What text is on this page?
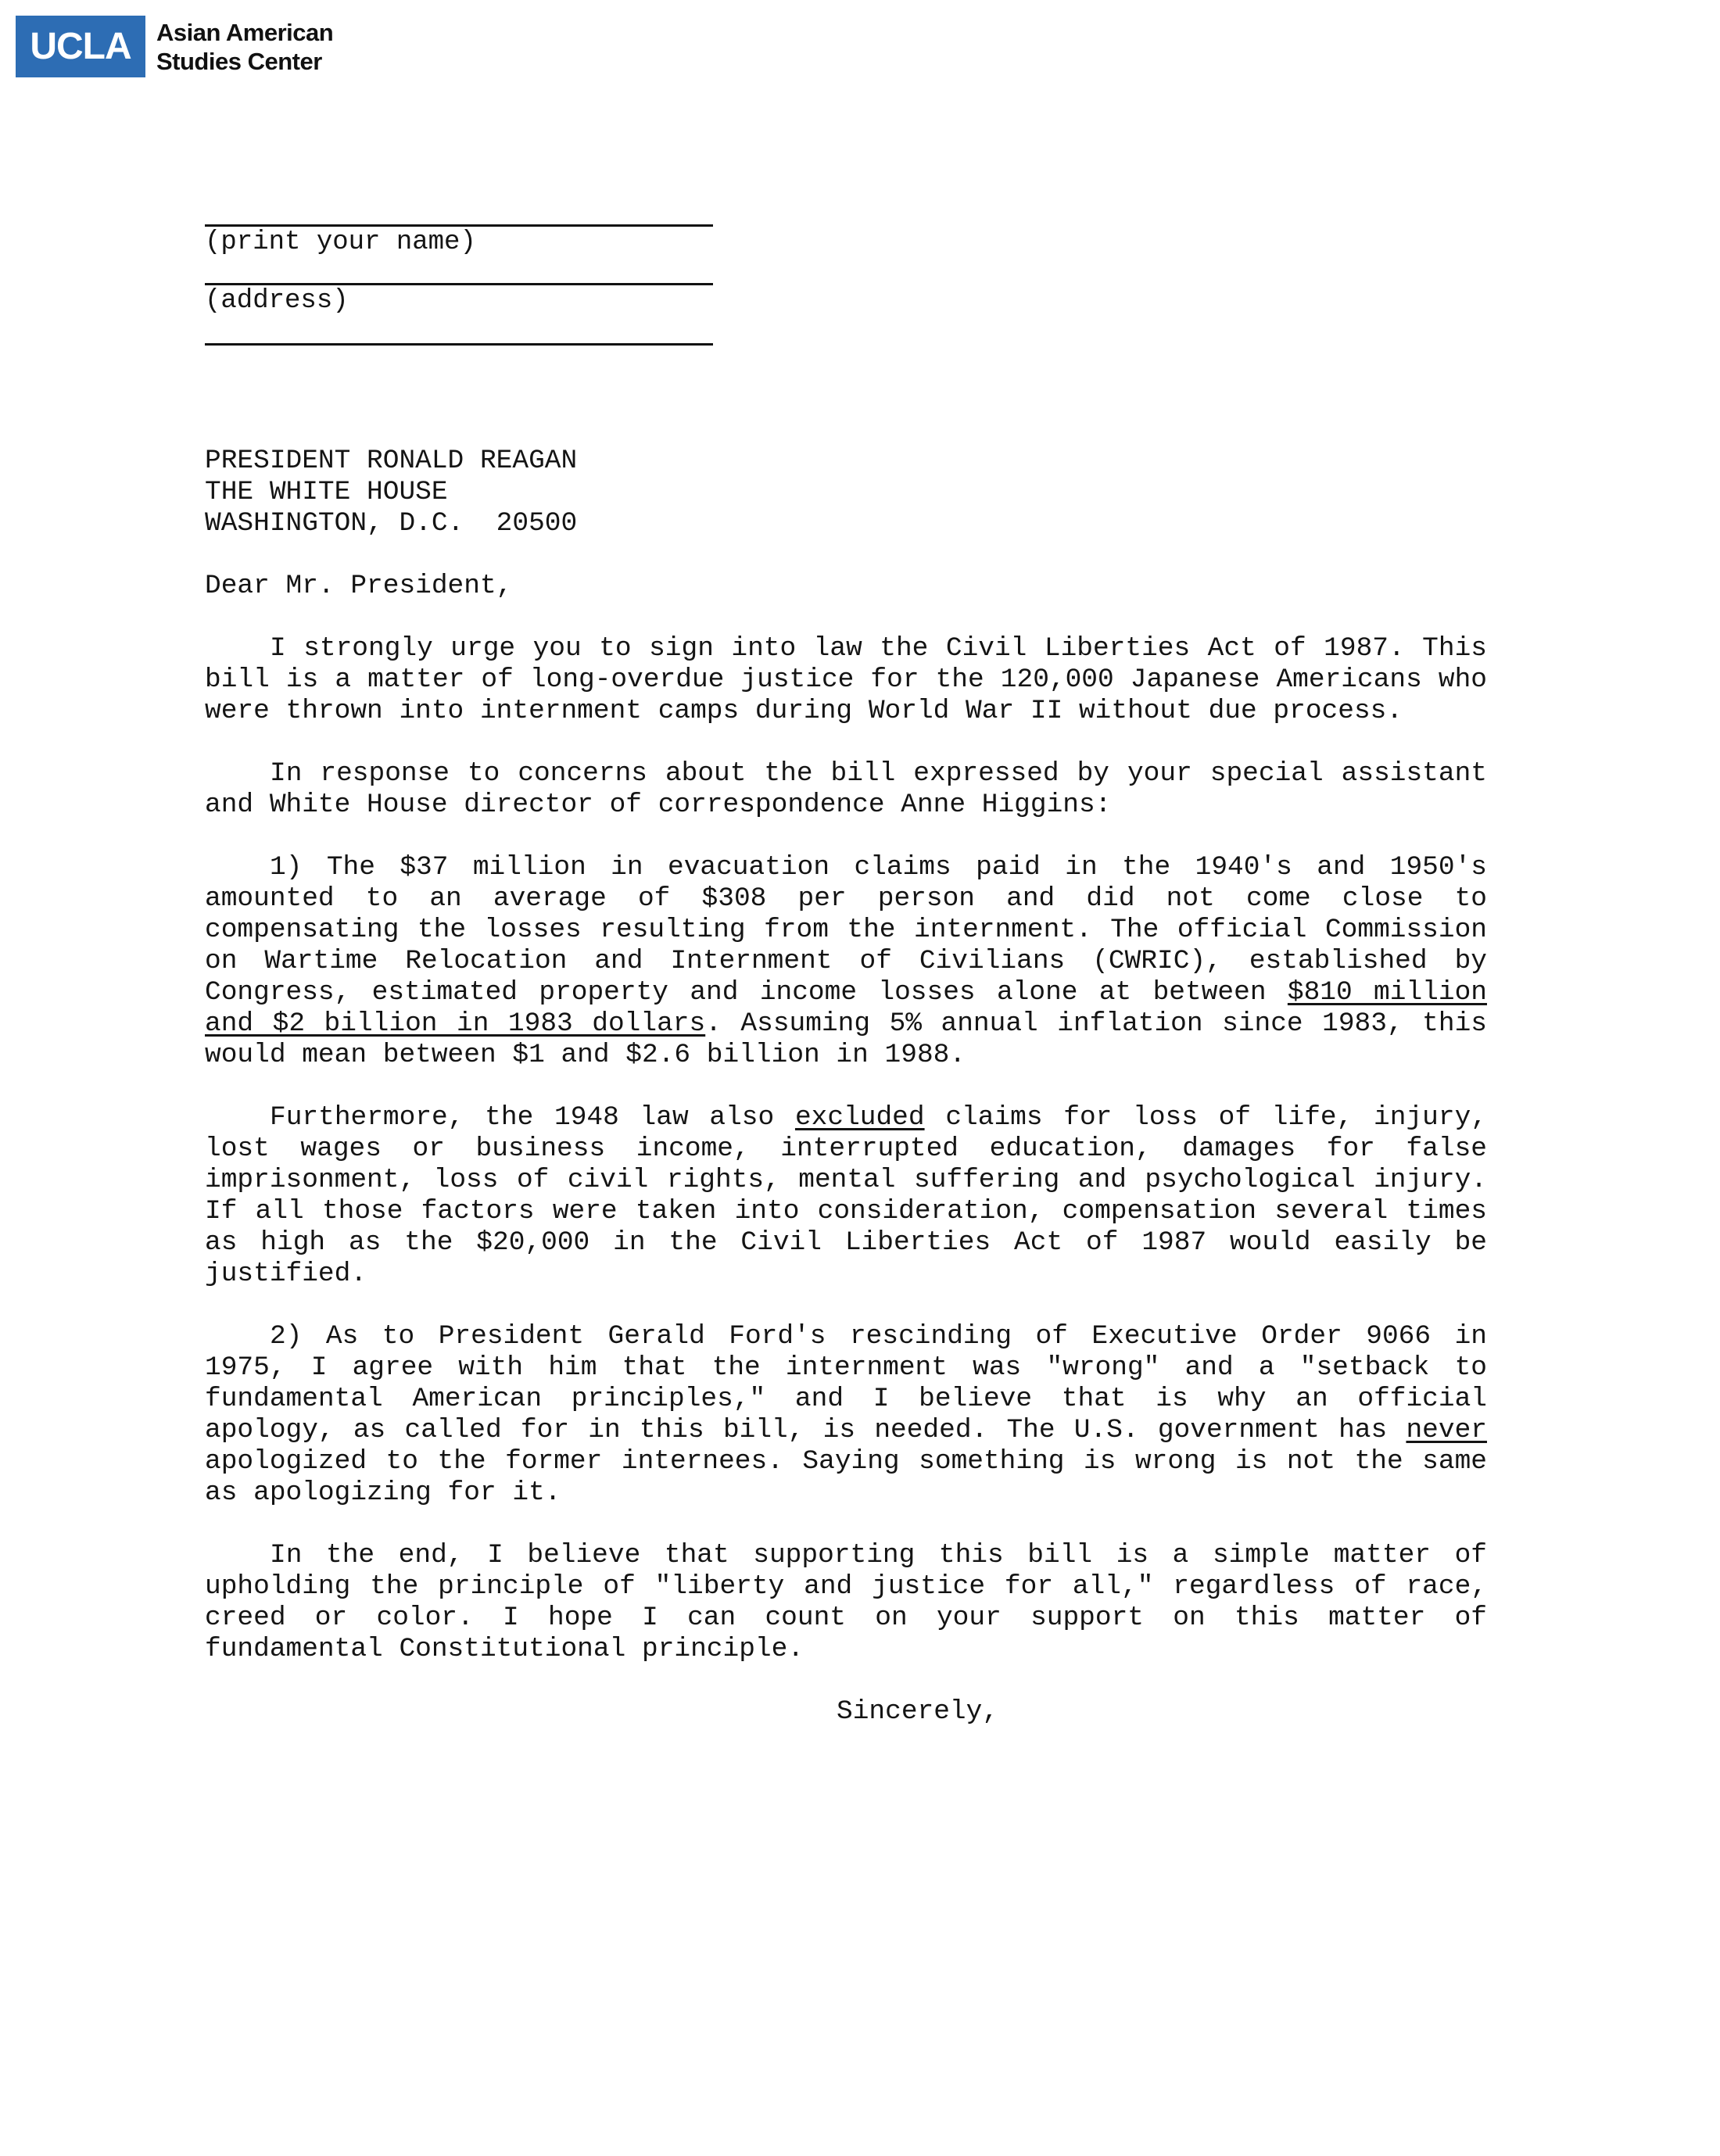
UCLA	Asian American
Studies Center
(print your name)
(address)
PRESIDENT RONALD REAGAN
THE WHITE HOUSE
WASHINGTON, D.C.  20500
Dear Mr. President,

I strongly urge you to sign into law the Civil Liberties Act of 1987. This bill is a matter of long-overdue justice for the 120,000 Japanese Americans who were thrown into internment camps during World War II without due process.

In response to concerns about the bill expressed by your special assistant and White House director of correspondence Anne Higgins:

1) The $37 million in evacuation claims paid in the 1940's and 1950's amounted to an average of $308 per person and did not come close to compensating the losses resulting from the internment. The official Commission on Wartime Relocation and Internment of Civilians (CWRIC), established by Congress, estimated property and income losses alone at between $810 million and $2 billion in 1983 dollars. Assuming 5% annual inflation since 1983, this would mean between $1 and $2.6 billion in 1988.

Furthermore, the 1948 law also excluded claims for loss of life, injury, lost wages or business income, interrupted education, damages for false imprisonment, loss of civil rights, mental suffering and psychological injury. If all those factors were taken into consideration, compensation several times as high as the $20,000 in the Civil Liberties Act of 1987 would easily be justified.

2) As to President Gerald Ford's rescinding of Executive Order 9066 in 1975, I agree with him that the internment was "wrong" and a "setback to fundamental American principles," and I believe that is why an official apology, as called for in this bill, is needed. The U.S. government has never apologized to the former internees. Saying something is wrong is not the same as apologizing for it.

In the end, I believe that supporting this bill is a simple matter of upholding the principle of "liberty and justice for all," regardless of race, creed or color. I hope I can count on your support on this matter of fundamental Constitutional principle.

Sincerely,
